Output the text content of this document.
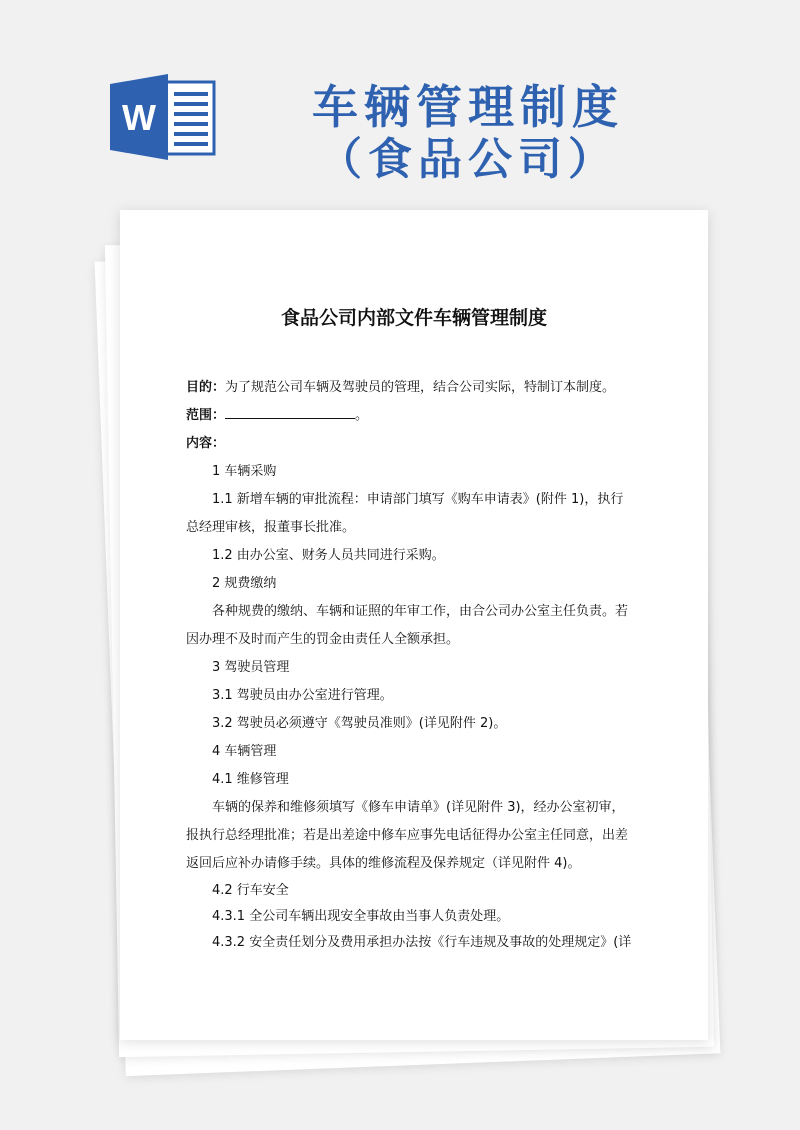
W	车辆管理制度
（食品公司）
食品公司内部文件车辆管理制度
目的：为了规范公司车辆及驾驶员的管理，结合公司实际，特制订本制度。
范围：	。
内容：
1 车辆采购
1.1 新增车辆的审批流程：申请部门填写《购车申请表》(附件 1)，执行
总经理审核，报董事长批准。
1.2 由办公室、财务人员共同进行采购。
2 规费缴纳
各种规费的缴纳、车辆和证照的年审工作，由合公司办公室主任负责。若
因办理不及时而产生的罚金由责任人全额承担。
3 驾驶员管理
3.1 驾驶员由办公室进行管理。
3.2 驾驶员必须遵守《驾驶员准则》(详见附件 2)。
4 车辆管理
4.1 维修管理
车辆的保养和维修须填写《修车申请单》(详见附件 3)，经办公室初审，
报执行总经理批准；若是出差途中修车应事先电话征得办公室主任同意，出差
返回后应补办请修手续。具体的维修流程及保养规定（详见附件 4)。
4.2 行车安全
4.3.1 全公司车辆出现安全事故由当事人负责处理。
4.3.2 安全责任划分及费用承担办法按《行车违规及事故的处理规定》(详
